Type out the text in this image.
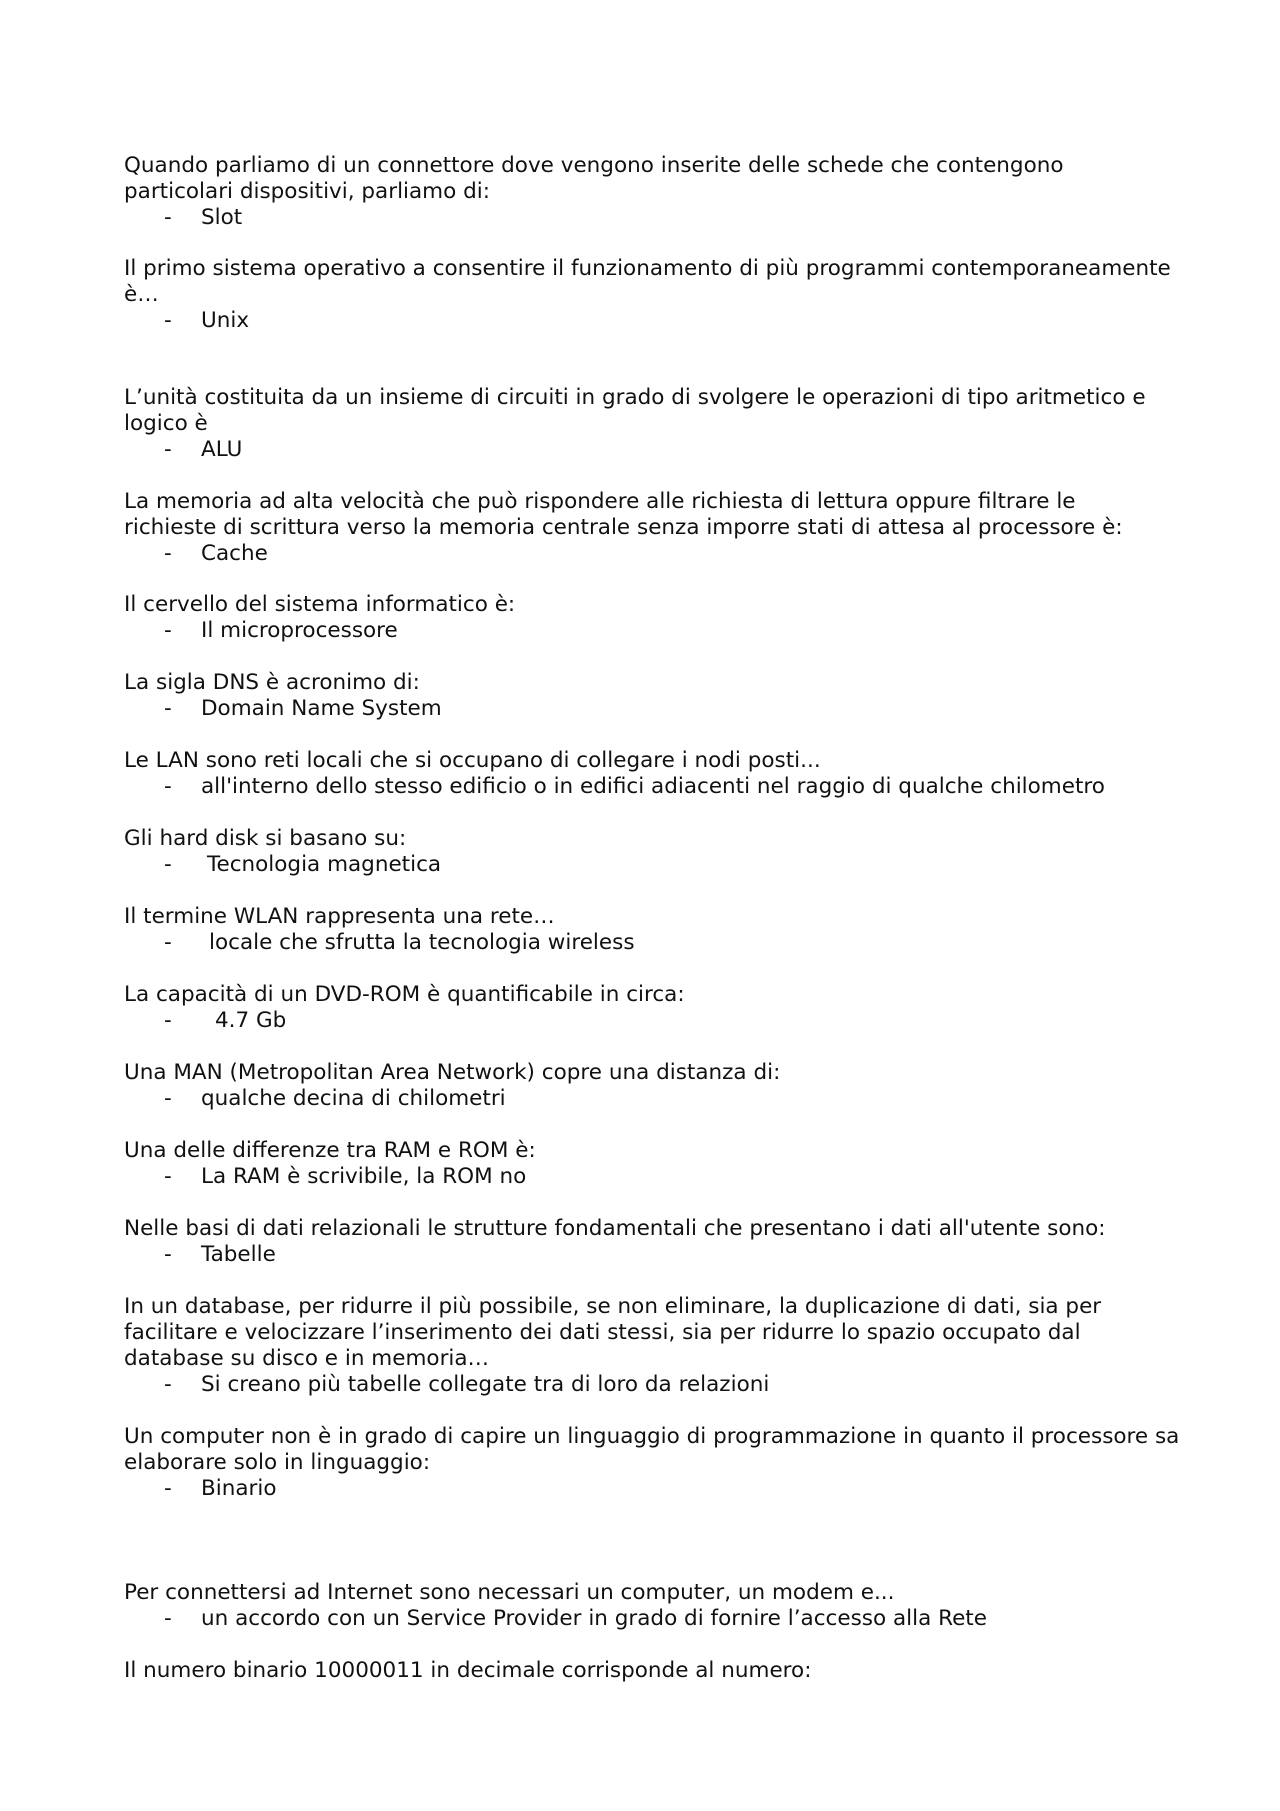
Quando parliamo di un connettore dove vengono inserite delle schede che contengono
particolari dispositivi, parliamo di:

- Slot

Il primo sistema operativo a consentire il funzionamento di più programmi contemporaneamente
è…

- Unix

L’unità costituita da un insieme di circuiti in grado di svolgere le operazioni di tipo aritmetico e
logico è

- ALU

La memoria ad alta velocità che può rispondere alle richiesta di lettura oppure filtrare le
richieste di scrittura verso la memoria centrale senza imporre stati di attesa al processore è:

- Cache

Il cervello del sistema informatico è:

- Il microprocessore

La sigla DNS è acronimo di:

- Domain Name System

Le LAN sono reti locali che si occupano di collegare i nodi posti...

- all'interno dello stesso edificio o in edifici adiacenti nel raggio di qualche chilometro

Gli hard disk si basano su:

- Tecnologia magnetica

Il termine WLAN rappresenta una rete…

- locale che sfrutta la tecnologia wireless

La capacità di un DVD-ROM è quantificabile in circa:

- 4.7 Gb

Una MAN (Metropolitan Area Network) copre una distanza di:

- qualche decina di chilometri

Una delle differenze tra RAM e ROM è:

- La RAM è scrivibile, la ROM no

Nelle basi di dati relazionali le strutture fondamentali che presentano i dati all'utente sono:

- Tabelle

In un database, per ridurre il più possibile, se non eliminare, la duplicazione di dati, sia per
facilitare e velocizzare l’inserimento dei dati stessi, sia per ridurre lo spazio occupato dal
database su disco e in memoria…

- Si creano più tabelle collegate tra di loro da relazioni

Un computer non è in grado di capire un linguaggio di programmazione in quanto il processore sa
elaborare solo in linguaggio:

- Binario

Per connettersi ad Internet sono necessari un computer, un modem e...

- un accordo con un Service Provider in grado di fornire l’accesso alla Rete

Il numero binario 10000011 in decimale corrisponde al numero:
